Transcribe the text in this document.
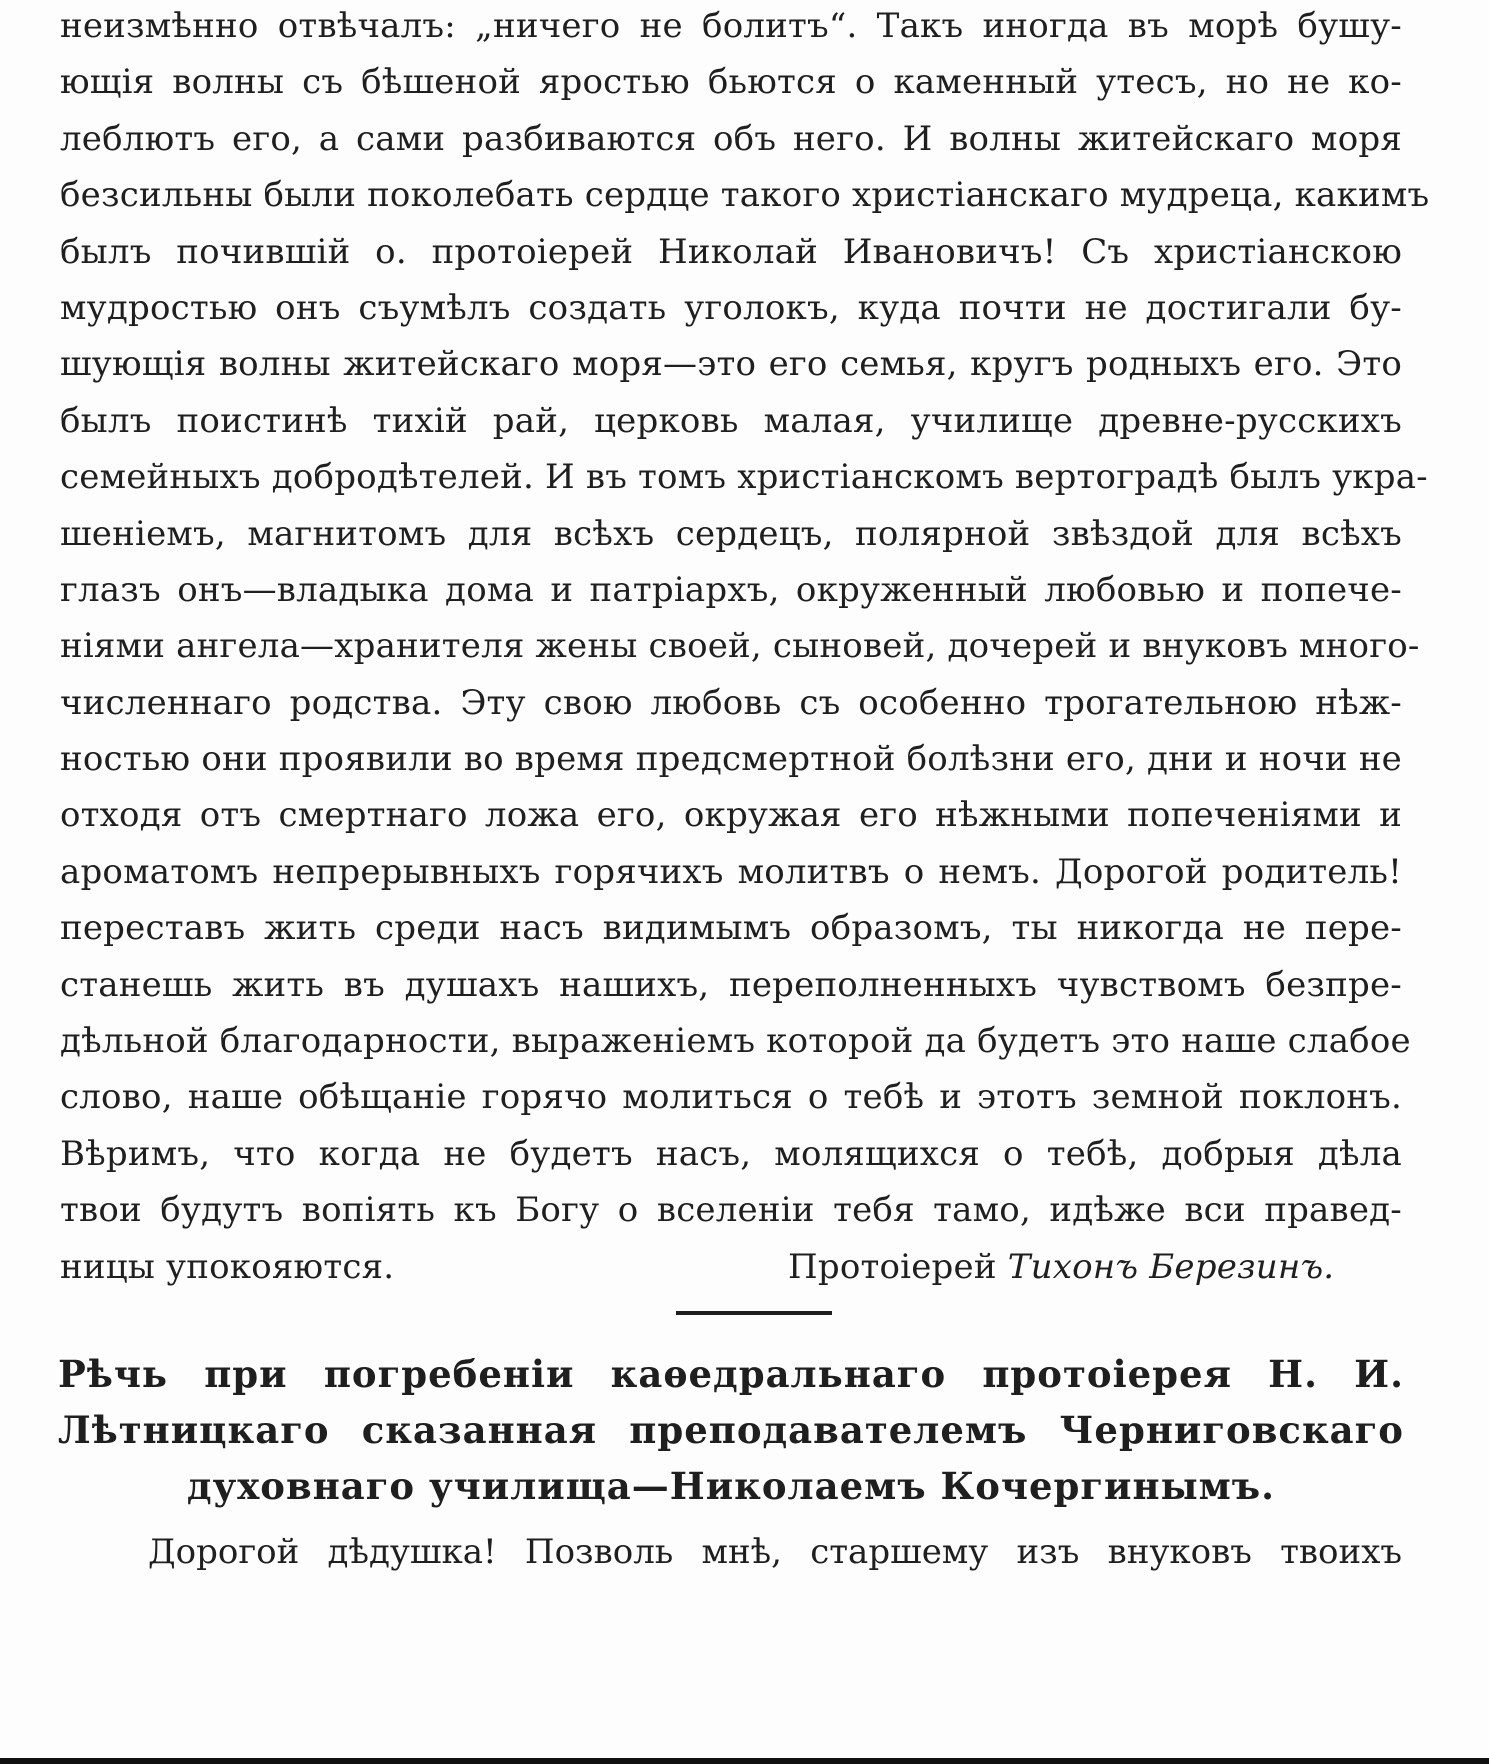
неизмѣнно отвѣчалъ: „ничего не болитъ“. Такъ иногда въ морѣ бушу-
ющія волны съ бѣшеной яростью бьются о каменный утесъ, но не ко-
леблютъ его, а сами разбиваются объ него. И волны житейскаго моря
безсильны были поколебать сердце такого христіанскаго мудреца, какимъ
былъ почившій о. протоіерей Николай Ивановичъ! Съ христіанскою
мудростью онъ съумѣлъ создать уголокъ, куда почти не достигали бу-
шующія волны житейскаго моря—это его семья, кругъ родныхъ его. Это
былъ поистинѣ тихій рай, церковь малая, училище древне-русскихъ
семейныхъ добродѣтелей. И въ томъ христіанскомъ вертоградѣ былъ укра-
шеніемъ, магнитомъ для всѣхъ сердецъ, полярной звѣздой для всѣхъ
глазъ онъ—владыка дома и патріархъ, окруженный любовью и попече-
ніями ангела—хранителя жены своей, сыновей, дочерей и внуковъ много-
численнаго родства. Эту свою любовь съ особенно трогательною нѣж-
ностью они проявили во время предсмертной болѣзни его, дни и ночи не
отходя отъ смертнаго ложа его, окружая его нѣжными попеченіями и
ароматомъ непрерывныхъ горячихъ молитвъ о немъ. Дорогой родитель!
переставъ жить среди насъ видимымъ образомъ, ты никогда не пере-
станешь жить въ душахъ нашихъ, переполненныхъ чувствомъ безпре-
дѣльной благодарности, выраженіемъ которой да будетъ это наше слабое
слово, наше обѣщаніе горячо молиться о тебѣ и этотъ земной поклонъ.
Вѣримъ, что когда не будетъ насъ, молящихся о тебѣ, добрыя дѣла
твои будутъ вопіять къ Богу о вселеніи тебя тамо, идѣже вси правед-
ницы упокояются.	Протоіерей Тихонъ Березинъ.
Рѣчь при погребеніи каѳедральнаго протоіерея Н. И.
Лѣтницкаго сказанная преподавателемъ Черниговскаго
духовнаго училища—Николаемъ Кочергинымъ.
Дорогой дѣдушка! Позволь мнѣ, старшему изъ внуковъ твоихъ
